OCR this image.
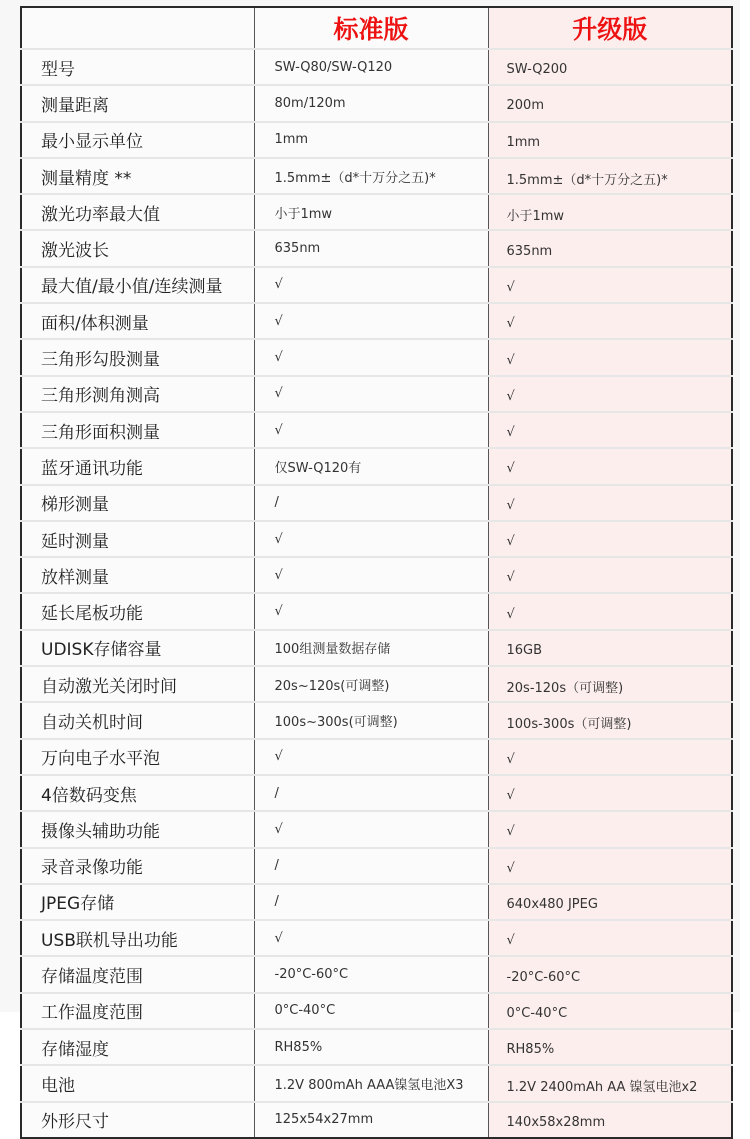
	标准版	升级版
型号	SW-Q80/SW-Q120	SW-Q200
测量距离	80m/120m	200m
最小显示单位	1mm	1mm
测量精度 **	1.5mm±（d*十万分之五)*	1.5mm±（d*十万分之五)*
激光功率最大值	小于1mw	小于1mw
激光波长	635nm	635nm
最大值/最小值/连续测量	√	√
面积/体积测量	√	√
三角形勾股测量	√	√
三角形测角测高	√	√
三角形面积测量	√	√
蓝牙通讯功能	仅SW-Q120有	√
梯形测量	/	√
延时测量	√	√
放样测量	√	√
延长尾板功能	√	√
UDISK存储容量	100组测量数据存储	16GB
自动激光关闭时间	20s~120s(可调整)	20s-120s（可调整)
自动关机时间	100s~300s(可调整)	100s-300s（可调整)
万向电子水平泡	√	√
4倍数码变焦	/	√
摄像头辅助功能	√	√
录音录像功能	/	√
JPEG存储	/	640x480 JPEG
USB联机导出功能	√	√
存储温度范围	-20°C-60°C	-20°C-60°C
工作温度范围	0°C-40°C	0°C-40°C
存储湿度	RH85%	RH85%
电池	1.2V 800mAh AAA镍氢电池X3	1.2V 2400mAh AA 镍氢电池x2
外形尺寸	125x54x27mm	140x58x28mm
